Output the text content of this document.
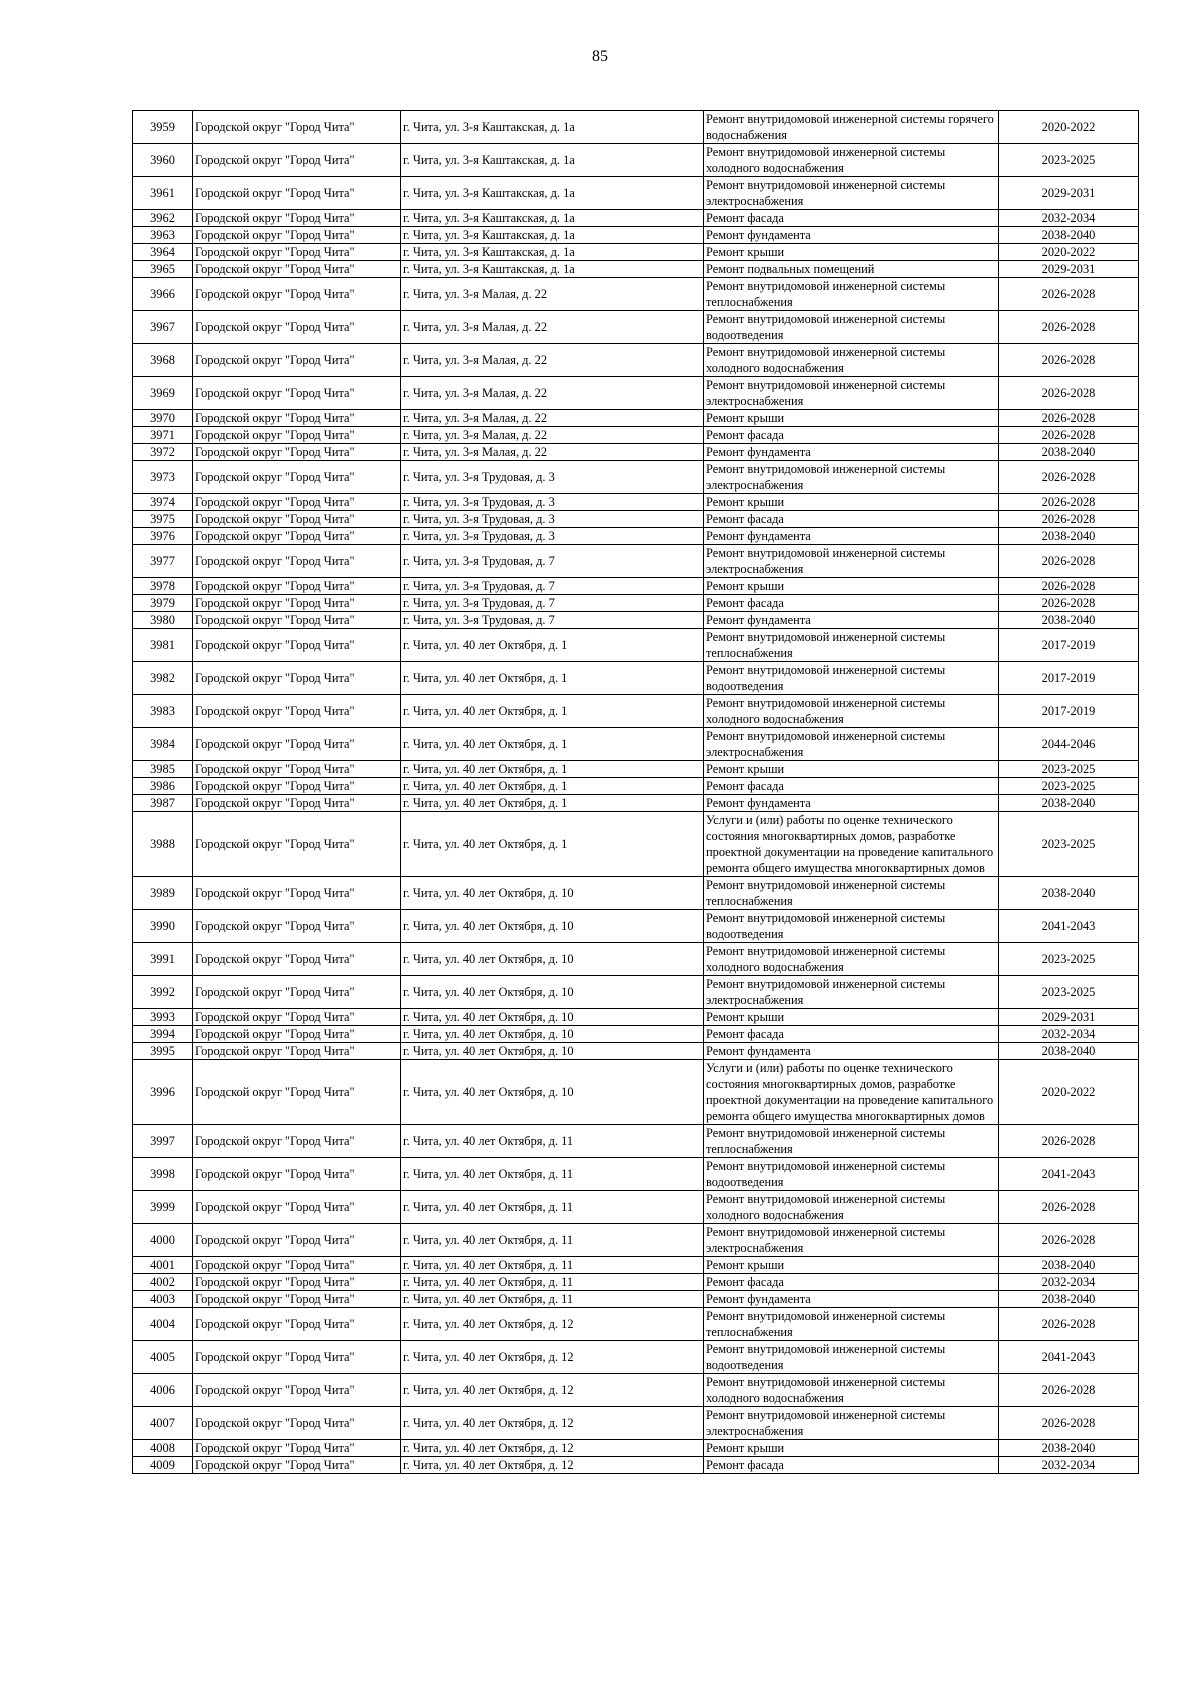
85
3959	Городской округ "Город Чита"	г. Чита, ул. 3-я Каштакская, д. 1а	Ремонт внутридомовой инженерной системы горячего водоснабжения	2020-2022
3960	Городской округ "Город Чита"	г. Чита, ул. 3-я Каштакская, д. 1а	Ремонт внутридомовой инженерной системы холодного водоснабжения	2023-2025
3961	Городской округ "Город Чита"	г. Чита, ул. 3-я Каштакская, д. 1а	Ремонт внутридомовой инженерной системы электроснабжения	2029-2031
3962	Городской округ "Город Чита"	г. Чита, ул. 3-я Каштакская, д. 1а	Ремонт фасада	2032-2034
3963	Городской округ "Город Чита"	г. Чита, ул. 3-я Каштакская, д. 1а	Ремонт фундамента	2038-2040
3964	Городской округ "Город Чита"	г. Чита, ул. 3-я Каштакская, д. 1а	Ремонт крыши	2020-2022
3965	Городской округ "Город Чита"	г. Чита, ул. 3-я Каштакская, д. 1а	Ремонт подвальных помещений	2029-2031
3966	Городской округ "Город Чита"	г. Чита, ул. 3-я Малая, д. 22	Ремонт внутридомовой инженерной системы теплоснабжения	2026-2028
3967	Городской округ "Город Чита"	г. Чита, ул. 3-я Малая, д. 22	Ремонт внутридомовой инженерной системы водоотведения	2026-2028
3968	Городской округ "Город Чита"	г. Чита, ул. 3-я Малая, д. 22	Ремонт внутридомовой инженерной системы холодного водоснабжения	2026-2028
3969	Городской округ "Город Чита"	г. Чита, ул. 3-я Малая, д. 22	Ремонт внутридомовой инженерной системы электроснабжения	2026-2028
3970	Городской округ "Город Чита"	г. Чита, ул. 3-я Малая, д. 22	Ремонт крыши	2026-2028
3971	Городской округ "Город Чита"	г. Чита, ул. 3-я Малая, д. 22	Ремонт фасада	2026-2028
3972	Городской округ "Город Чита"	г. Чита, ул. 3-я Малая, д. 22	Ремонт фундамента	2038-2040
3973	Городской округ "Город Чита"	г. Чита, ул. 3-я Трудовая, д. 3	Ремонт внутридомовой инженерной системы электроснабжения	2026-2028
3974	Городской округ "Город Чита"	г. Чита, ул. 3-я Трудовая, д. 3	Ремонт крыши	2026-2028
3975	Городской округ "Город Чита"	г. Чита, ул. 3-я Трудовая, д. 3	Ремонт фасада	2026-2028
3976	Городской округ "Город Чита"	г. Чита, ул. 3-я Трудовая, д. 3	Ремонт фундамента	2038-2040
3977	Городской округ "Город Чита"	г. Чита, ул. 3-я Трудовая, д. 7	Ремонт внутридомовой инженерной системы электроснабжения	2026-2028
3978	Городской округ "Город Чита"	г. Чита, ул. 3-я Трудовая, д. 7	Ремонт крыши	2026-2028
3979	Городской округ "Город Чита"	г. Чита, ул. 3-я Трудовая, д. 7	Ремонт фасада	2026-2028
3980	Городской округ "Город Чита"	г. Чита, ул. 3-я Трудовая, д. 7	Ремонт фундамента	2038-2040
3981	Городской округ "Город Чита"	г. Чита, ул. 40 лет Октября, д. 1	Ремонт внутридомовой инженерной системы теплоснабжения	2017-2019
3982	Городской округ "Город Чита"	г. Чита, ул. 40 лет Октября, д. 1	Ремонт внутридомовой инженерной системы водоотведения	2017-2019
3983	Городской округ "Город Чита"	г. Чита, ул. 40 лет Октября, д. 1	Ремонт внутридомовой инженерной системы холодного водоснабжения	2017-2019
3984	Городской округ "Город Чита"	г. Чита, ул. 40 лет Октября, д. 1	Ремонт внутридомовой инженерной системы электроснабжения	2044-2046
3985	Городской округ "Город Чита"	г. Чита, ул. 40 лет Октября, д. 1	Ремонт крыши	2023-2025
3986	Городской округ "Город Чита"	г. Чита, ул. 40 лет Октября, д. 1	Ремонт фасада	2023-2025
3987	Городской округ "Город Чита"	г. Чита, ул. 40 лет Октября, д. 1	Ремонт фундамента	2038-2040
3988	Городской округ "Город Чита"	г. Чита, ул. 40 лет Октября, д. 1	Услуги и (или) работы по оценке технического состояния многоквартирных домов, разработке проектной документации на проведение капитального ремонта общего имущества многоквартирных домов	2023-2025
3989	Городской округ "Город Чита"	г. Чита, ул. 40 лет Октября, д. 10	Ремонт внутридомовой инженерной системы теплоснабжения	2038-2040
3990	Городской округ "Город Чита"	г. Чита, ул. 40 лет Октября, д. 10	Ремонт внутридомовой инженерной системы водоотведения	2041-2043
3991	Городской округ "Город Чита"	г. Чита, ул. 40 лет Октября, д. 10	Ремонт внутридомовой инженерной системы холодного водоснабжения	2023-2025
3992	Городской округ "Город Чита"	г. Чита, ул. 40 лет Октября, д. 10	Ремонт внутридомовой инженерной системы электроснабжения	2023-2025
3993	Городской округ "Город Чита"	г. Чита, ул. 40 лет Октября, д. 10	Ремонт крыши	2029-2031
3994	Городской округ "Город Чита"	г. Чита, ул. 40 лет Октября, д. 10	Ремонт фасада	2032-2034
3995	Городской округ "Город Чита"	г. Чита, ул. 40 лет Октября, д. 10	Ремонт фундамента	2038-2040
3996	Городской округ "Город Чита"	г. Чита, ул. 40 лет Октября, д. 10	Услуги и (или) работы по оценке технического состояния многоквартирных домов, разработке проектной документации на проведение капитального ремонта общего имущества многоквартирных домов	2020-2022
3997	Городской округ "Город Чита"	г. Чита, ул. 40 лет Октября, д. 11	Ремонт внутридомовой инженерной системы теплоснабжения	2026-2028
3998	Городской округ "Город Чита"	г. Чита, ул. 40 лет Октября, д. 11	Ремонт внутридомовой инженерной системы водоотведения	2041-2043
3999	Городской округ "Город Чита"	г. Чита, ул. 40 лет Октября, д. 11	Ремонт внутридомовой инженерной системы холодного водоснабжения	2026-2028
4000	Городской округ "Город Чита"	г. Чита, ул. 40 лет Октября, д. 11	Ремонт внутридомовой инженерной системы электроснабжения	2026-2028
4001	Городской округ "Город Чита"	г. Чита, ул. 40 лет Октября, д. 11	Ремонт крыши	2038-2040
4002	Городской округ "Город Чита"	г. Чита, ул. 40 лет Октября, д. 11	Ремонт фасада	2032-2034
4003	Городской округ "Город Чита"	г. Чита, ул. 40 лет Октября, д. 11	Ремонт фундамента	2038-2040
4004	Городской округ "Город Чита"	г. Чита, ул. 40 лет Октября, д. 12	Ремонт внутридомовой инженерной системы теплоснабжения	2026-2028
4005	Городской округ "Город Чита"	г. Чита, ул. 40 лет Октября, д. 12	Ремонт внутридомовой инженерной системы водоотведения	2041-2043
4006	Городской округ "Город Чита"	г. Чита, ул. 40 лет Октября, д. 12	Ремонт внутридомовой инженерной системы холодного водоснабжения	2026-2028
4007	Городской округ "Город Чита"	г. Чита, ул. 40 лет Октября, д. 12	Ремонт внутридомовой инженерной системы электроснабжения	2026-2028
4008	Городской округ "Город Чита"	г. Чита, ул. 40 лет Октября, д. 12	Ремонт крыши	2038-2040
4009	Городской округ "Город Чита"	г. Чита, ул. 40 лет Октября, д. 12	Ремонт фасада	2032-2034
